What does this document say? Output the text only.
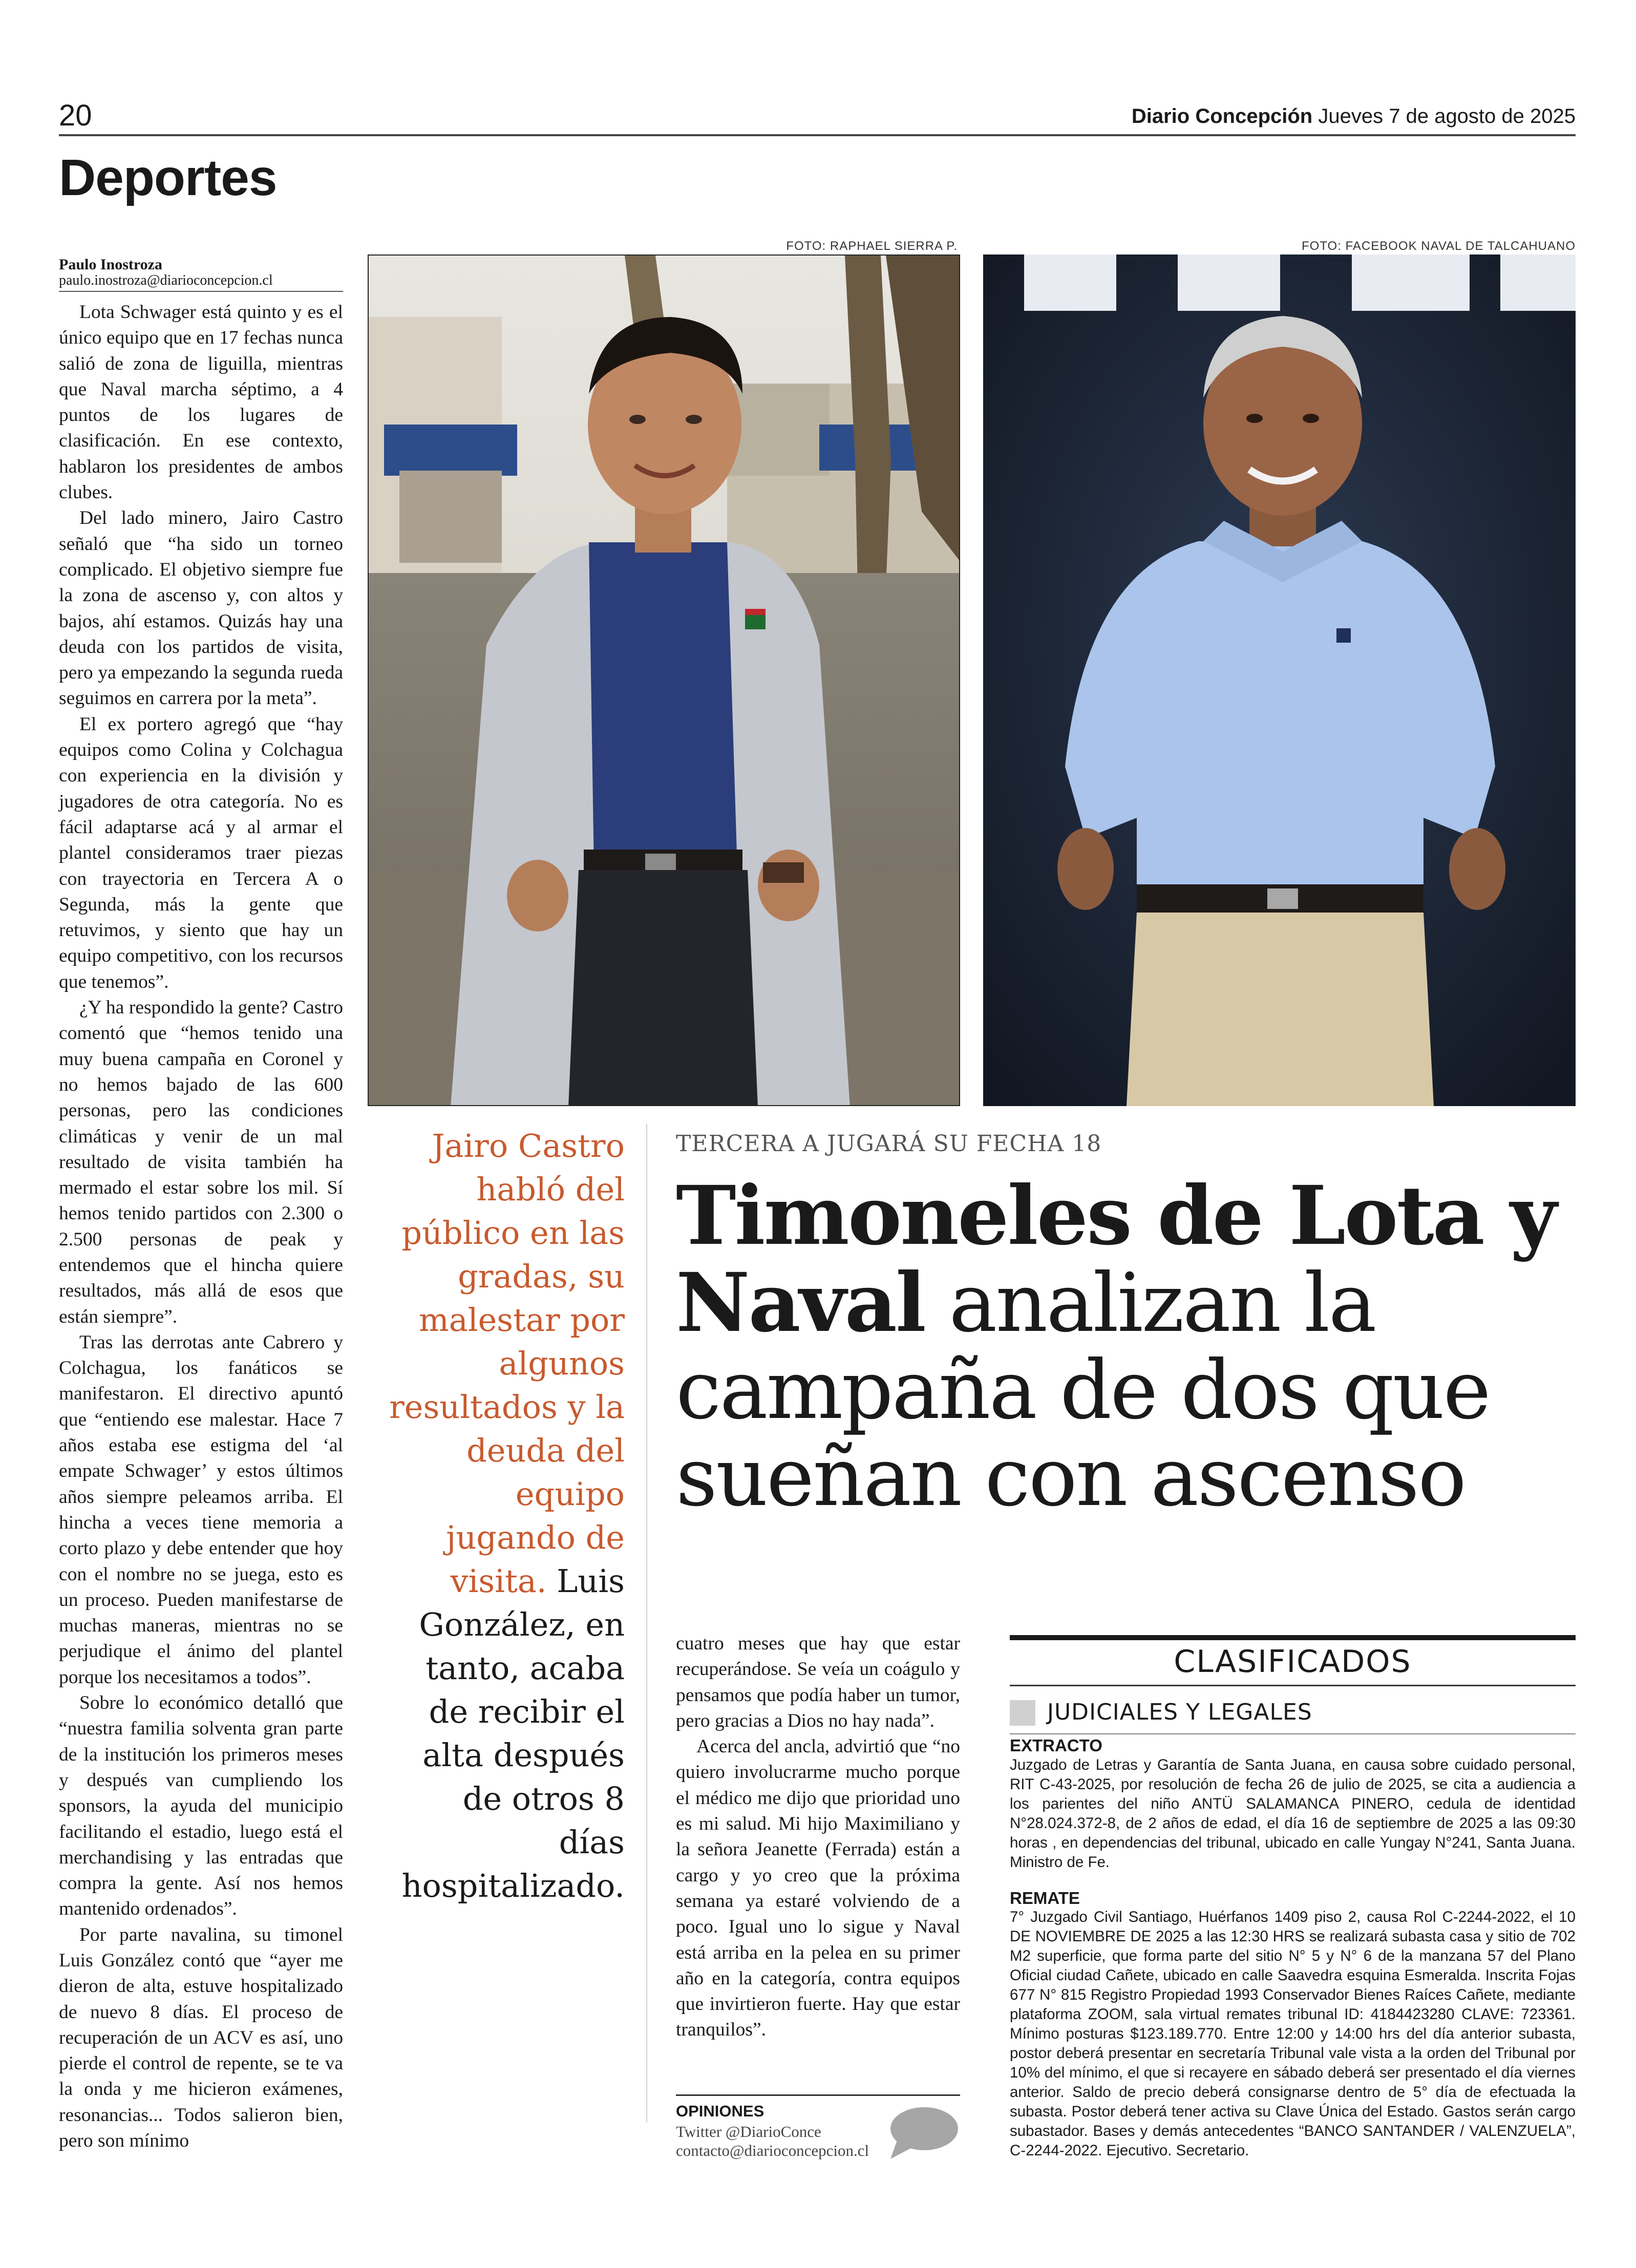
20	Diario Concepción Jueves 7 de agosto de 2025
Deportes
Paulo Inostroza
paulo.inostroza@diarioconcepcion.cl

Lota Schwager está quinto y es el único equipo que en 17 fechas nunca salió de zona de liguilla, mientras que Naval marcha séptimo, a 4 puntos de los lugares de clasificación. En ese contexto, hablaron los presidentes de ambos clubes.

Del lado minero, Jairo Castro señaló que “ha sido un torneo complicado. El objetivo siempre fue la zona de ascenso y, con altos y bajos, ahí estamos. Quizás hay una deuda con los partidos de visita, pero ya empezando la segunda rueda seguimos en carrera por la meta”.

El ex portero agregó que “hay equipos como Colina y Colchagua con experiencia en la división y jugadores de otra categoría. No es fácil adaptarse acá y al armar el plantel consideramos traer piezas con trayectoria en Tercera A o Segunda, más la gente que retuvimos, y siento que hay un equipo competitivo, con los recursos que tenemos”.

¿Y ha respondido la gente? Castro comentó que “hemos tenido una muy buena campaña en Coronel y no hemos bajado de las 600 personas, pero las condiciones climáticas y venir de un mal resultado de visita también ha mermado el estar sobre los mil. Sí hemos tenido partidos con 2.300 o 2.500 personas de peak y entendemos que el hincha quiere resultados, más allá de esos que están siempre”.

Tras las derrotas ante Cabrero y Colchagua, los fanáticos se manifestaron. El directivo apuntó que “entiendo ese malestar. Hace 7 años estaba ese estigma del ‘al empate Schwager’ y estos últimos años siempre peleamos arriba. El hincha a veces tiene memoria a corto plazo y debe entender que hoy con el nombre no se juega, esto es un proceso. Pueden manifestarse de muchas maneras, mientras no se perjudique el ánimo del plantel porque los necesitamos a todos”.

Sobre lo económico detalló que “nuestra familia solventa gran parte de la institución los primeros meses y después van cumpliendo los sponsors, la ayuda del municipio facilitando el estadio, luego está el merchandising y las entradas que compra la gente. Así nos hemos mantenido ordenados”.

Por parte navalina, su timonel Luis González contó que “ayer me dieron de alta, estuve hospitalizado de nuevo 8 días. El proceso de recuperación de un ACV es así, uno pierde el control de repente, se te va la onda y me hicieron exámenes, resonancias... Todos salieron bien, pero son mínimo

FOTO: RAPHAEL SIERRA P.	FOTO: FACEBOOK NAVAL DE TALCAHUANO
Jairo Castro habló del público en las gradas, su malestar por algunos resultados y la deuda del equipo jugando de visita. Luis González, en tanto, acaba de recibir el alta después de otros 8 días hospitalizado.
TERCERA A JUGARÁ SU FECHA 18
Timoneles de Lota y Naval analizan la campaña de dos que sueñan con ascenso

cuatro meses que hay que estar recuperándose. Se veía un coágulo y pensamos que podía haber un tumor, pero gracias a Dios no hay nada”.

Acerca del ancla, advirtió que “no quiero involucrarme mucho porque el médico me dijo que prioridad uno es mi salud. Mi hijo Maximiliano y la señora Jeanette (Ferrada) están a cargo y yo creo que la próxima semana ya estaré volviendo de a poco. Igual uno lo sigue y Naval está arriba en la pelea en su primer año en la categoría, contra equipos que invirtieron fuerte. Hay que estar tranquilos”.

OPINIONES
Twitter @DiarioConce
contacto@diarioconcepcion.cl
CLASIFICADOS
JUDICIALES Y LEGALES
EXTRACTO
Juzgado de Letras y Garantía de Santa Juana, en causa sobre cuidado personal, RIT C-43-2025, por resolución de fecha 26 de julio de 2025, se cita a audiencia a los parientes del niño ANTÜ SALAMANCA PINERO, cedula de identidad N°28.024.372-8, de 2 años de edad, el día 16 de septiembre de 2025 a las 09:30 horas , en dependencias del tribunal, ubicado en calle Yungay N°241, Santa Juana. Ministro de Fe.
REMATE
7° Juzgado Civil Santiago, Huérfanos 1409 piso 2, causa Rol C-2244-2022, el 10 DE NOVIEMBRE DE 2025 a las 12:30 HRS se realizará subasta casa y sitio de 702 M2 superficie, que forma parte del sitio N° 5 y N° 6 de la manzana 57 del Plano Oficial ciudad Cañete, ubicado en calle Saavedra esquina Esmeralda. Inscrita Fojas 677 N° 815 Registro Propiedad 1993 Conservador Bienes Raíces Cañete, mediante plataforma ZOOM, sala virtual remates tribunal ID: 4184423280 CLAVE: 723361. Mínimo posturas $123.189.770. Entre 12:00 y 14:00 hrs del día anterior subasta, postor deberá presentar en secretaría Tribunal vale vista a la orden del Tribunal por 10% del mínimo, el que si recayere en sábado deberá ser presentado el día viernes anterior. Saldo de precio deberá consignarse dentro de 5° día de efectuada la subasta. Postor deberá tener activa su Clave Única del Estado. Gastos serán cargo subastador. Bases y demás antecedentes “BANCO SANTANDER / VALENZUELA”, C-2244-2022. Ejecutivo. Secretario.
